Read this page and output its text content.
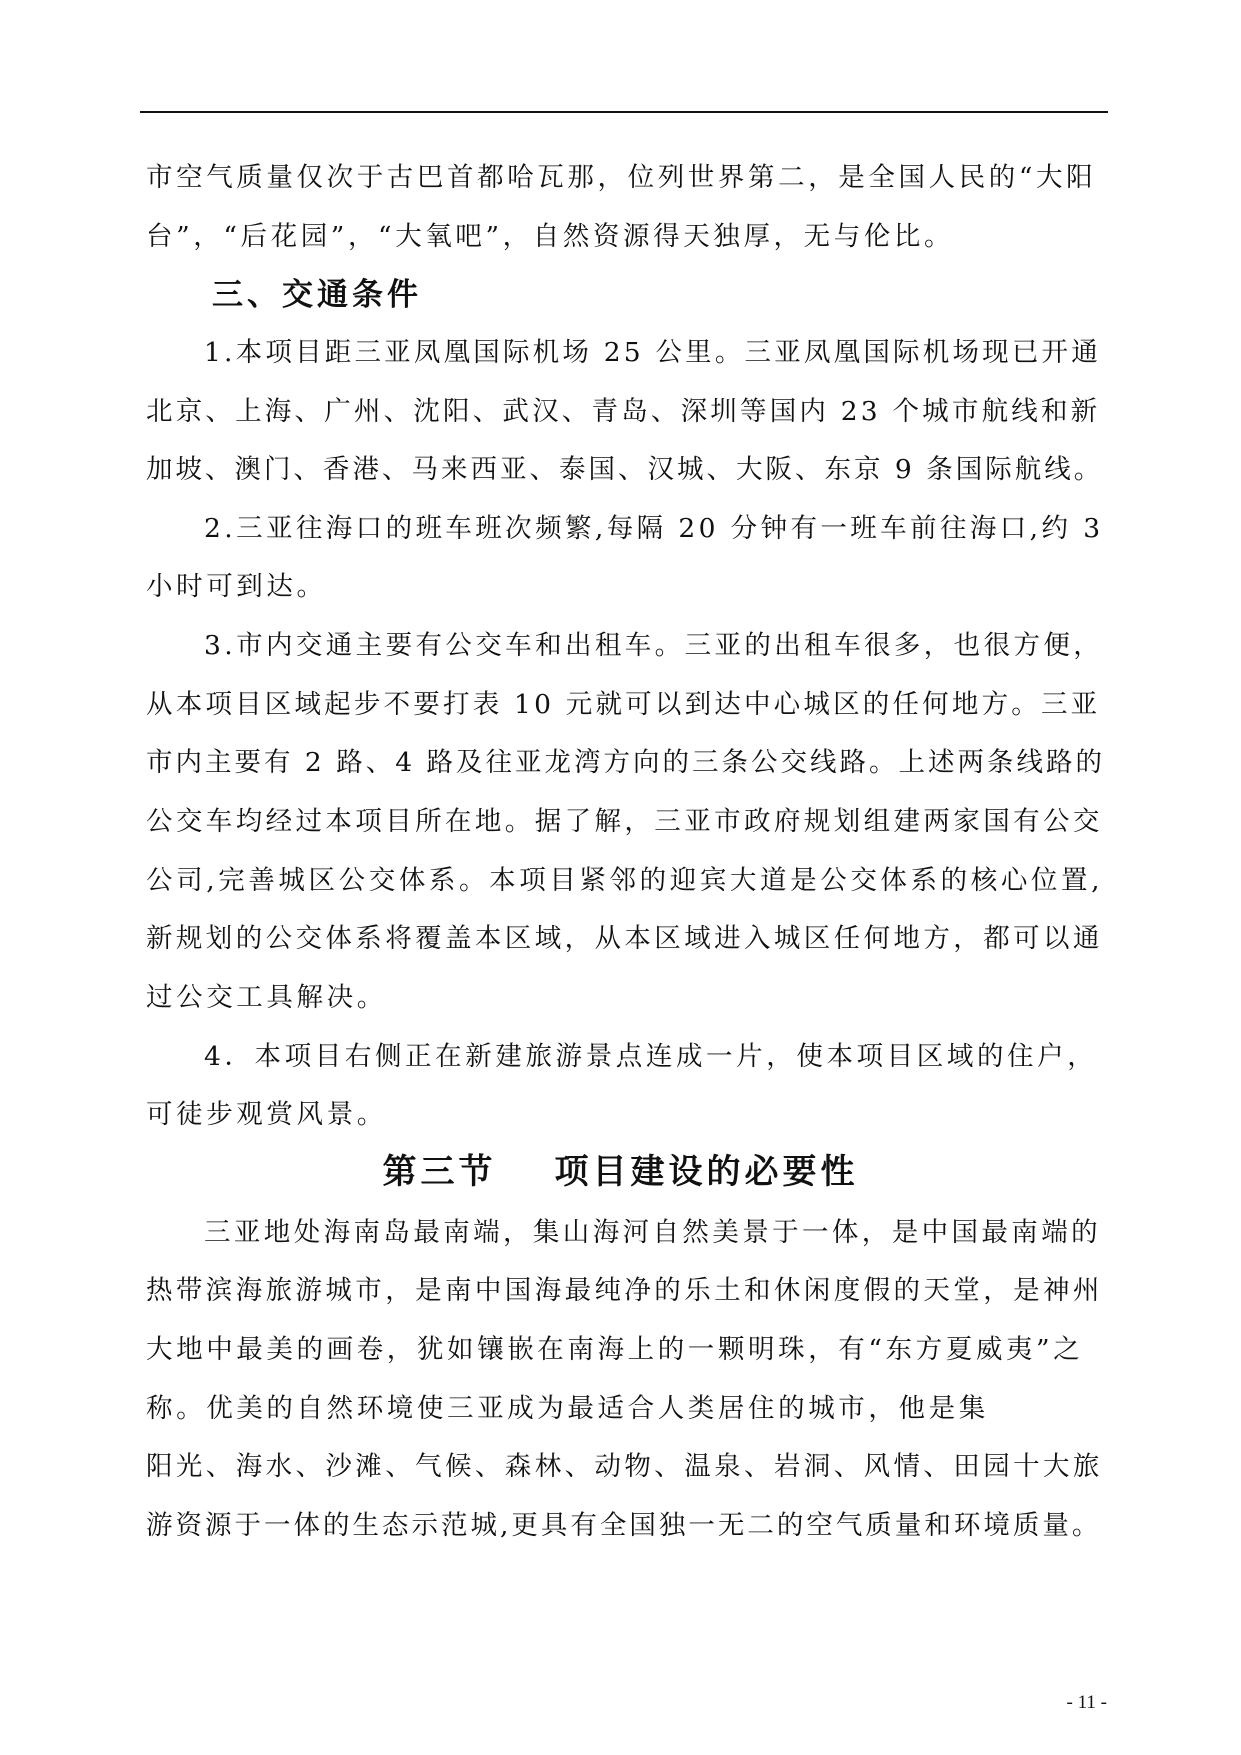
市空气质量仅次于古巴首都哈瓦那，位列世界第二，是全国人民的“大阳
台”，“后花园”，“大氧吧”，自然资源得天独厚，无与伦比。
三、交通条件
1.本项目距三亚凤凰国际机场 25 公里。三亚凤凰国际机场现已开通
北京、上海、广州、沈阳、武汉、青岛、深圳等国内 23 个城市航线和新
加坡、澳门、香港、马来西亚、泰国、汉城、大阪、东京 9 条国际航线。
2.三亚往海口的班车班次频繁,每隔 20 分钟有一班车前往海口,约 3
小时可到达。
3.市内交通主要有公交车和出租车。三亚的出租车很多，也很方便，
从本项目区域起步不要打表 10 元就可以到达中心城区的任何地方。三亚
市内主要有 2 路、4 路及往亚龙湾方向的三条公交线路。上述两条线路的
公交车均经过本项目所在地。据了解，三亚市政府规划组建两家国有公交
公司,完善城区公交体系。本项目紧邻的迎宾大道是公交体系的核心位置,
新规划的公交体系将覆盖本区域，从本区域进入城区任何地方，都可以通
过公交工具解决。
4．本项目右侧正在新建旅游景点连成一片，使本项目区域的住户，
可徒步观赏风景。
第三节 项目建设的必要性
三亚地处海南岛最南端，集山海河自然美景于一体，是中国最南端的
热带滨海旅游城市，是南中国海最纯净的乐土和休闲度假的天堂，是神州
大地中最美的画卷，犹如镶嵌在南海上的一颗明珠，有“东方夏威夷”之
称。优美的自然环境使三亚成为最适合人类居住的城市，他是集
阳光、海水、沙滩、气候、森林、动物、温泉、岩洞、风情、田园十大旅
游资源于一体的生态示范城,更具有全国独一无二的空气质量和环境质量。
- 11 -
